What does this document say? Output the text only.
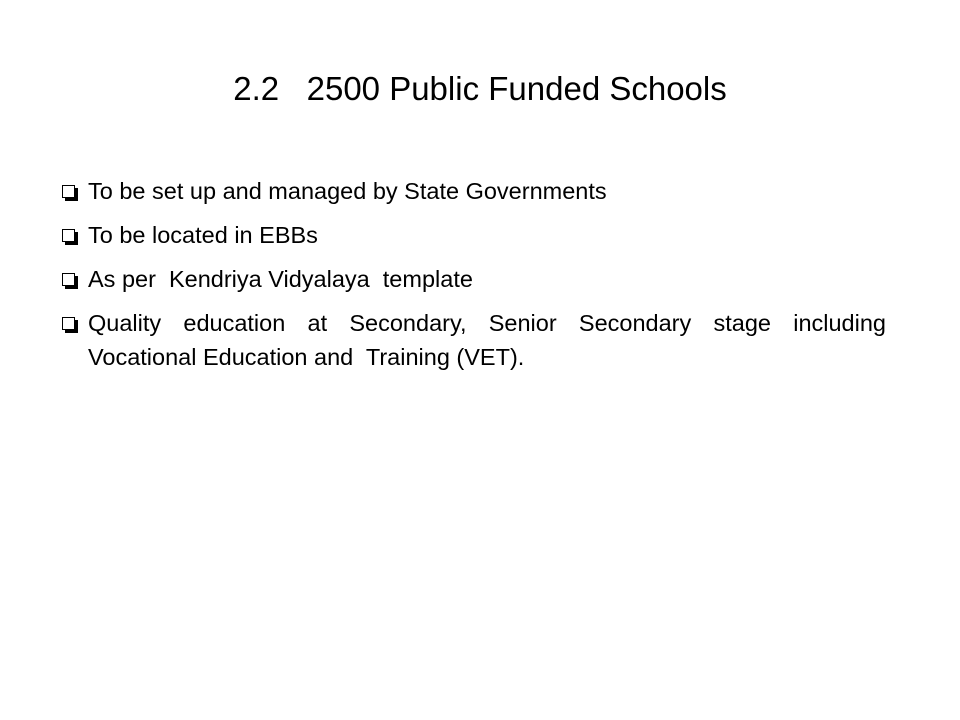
2.2   2500 Public Funded Schools
To be set up and managed by State Governments
To be located in EBBs
As per  Kendriya Vidyalaya  template
Quality education at Secondary, Senior Secondary stage including  Vocational Education and  Training (VET).
